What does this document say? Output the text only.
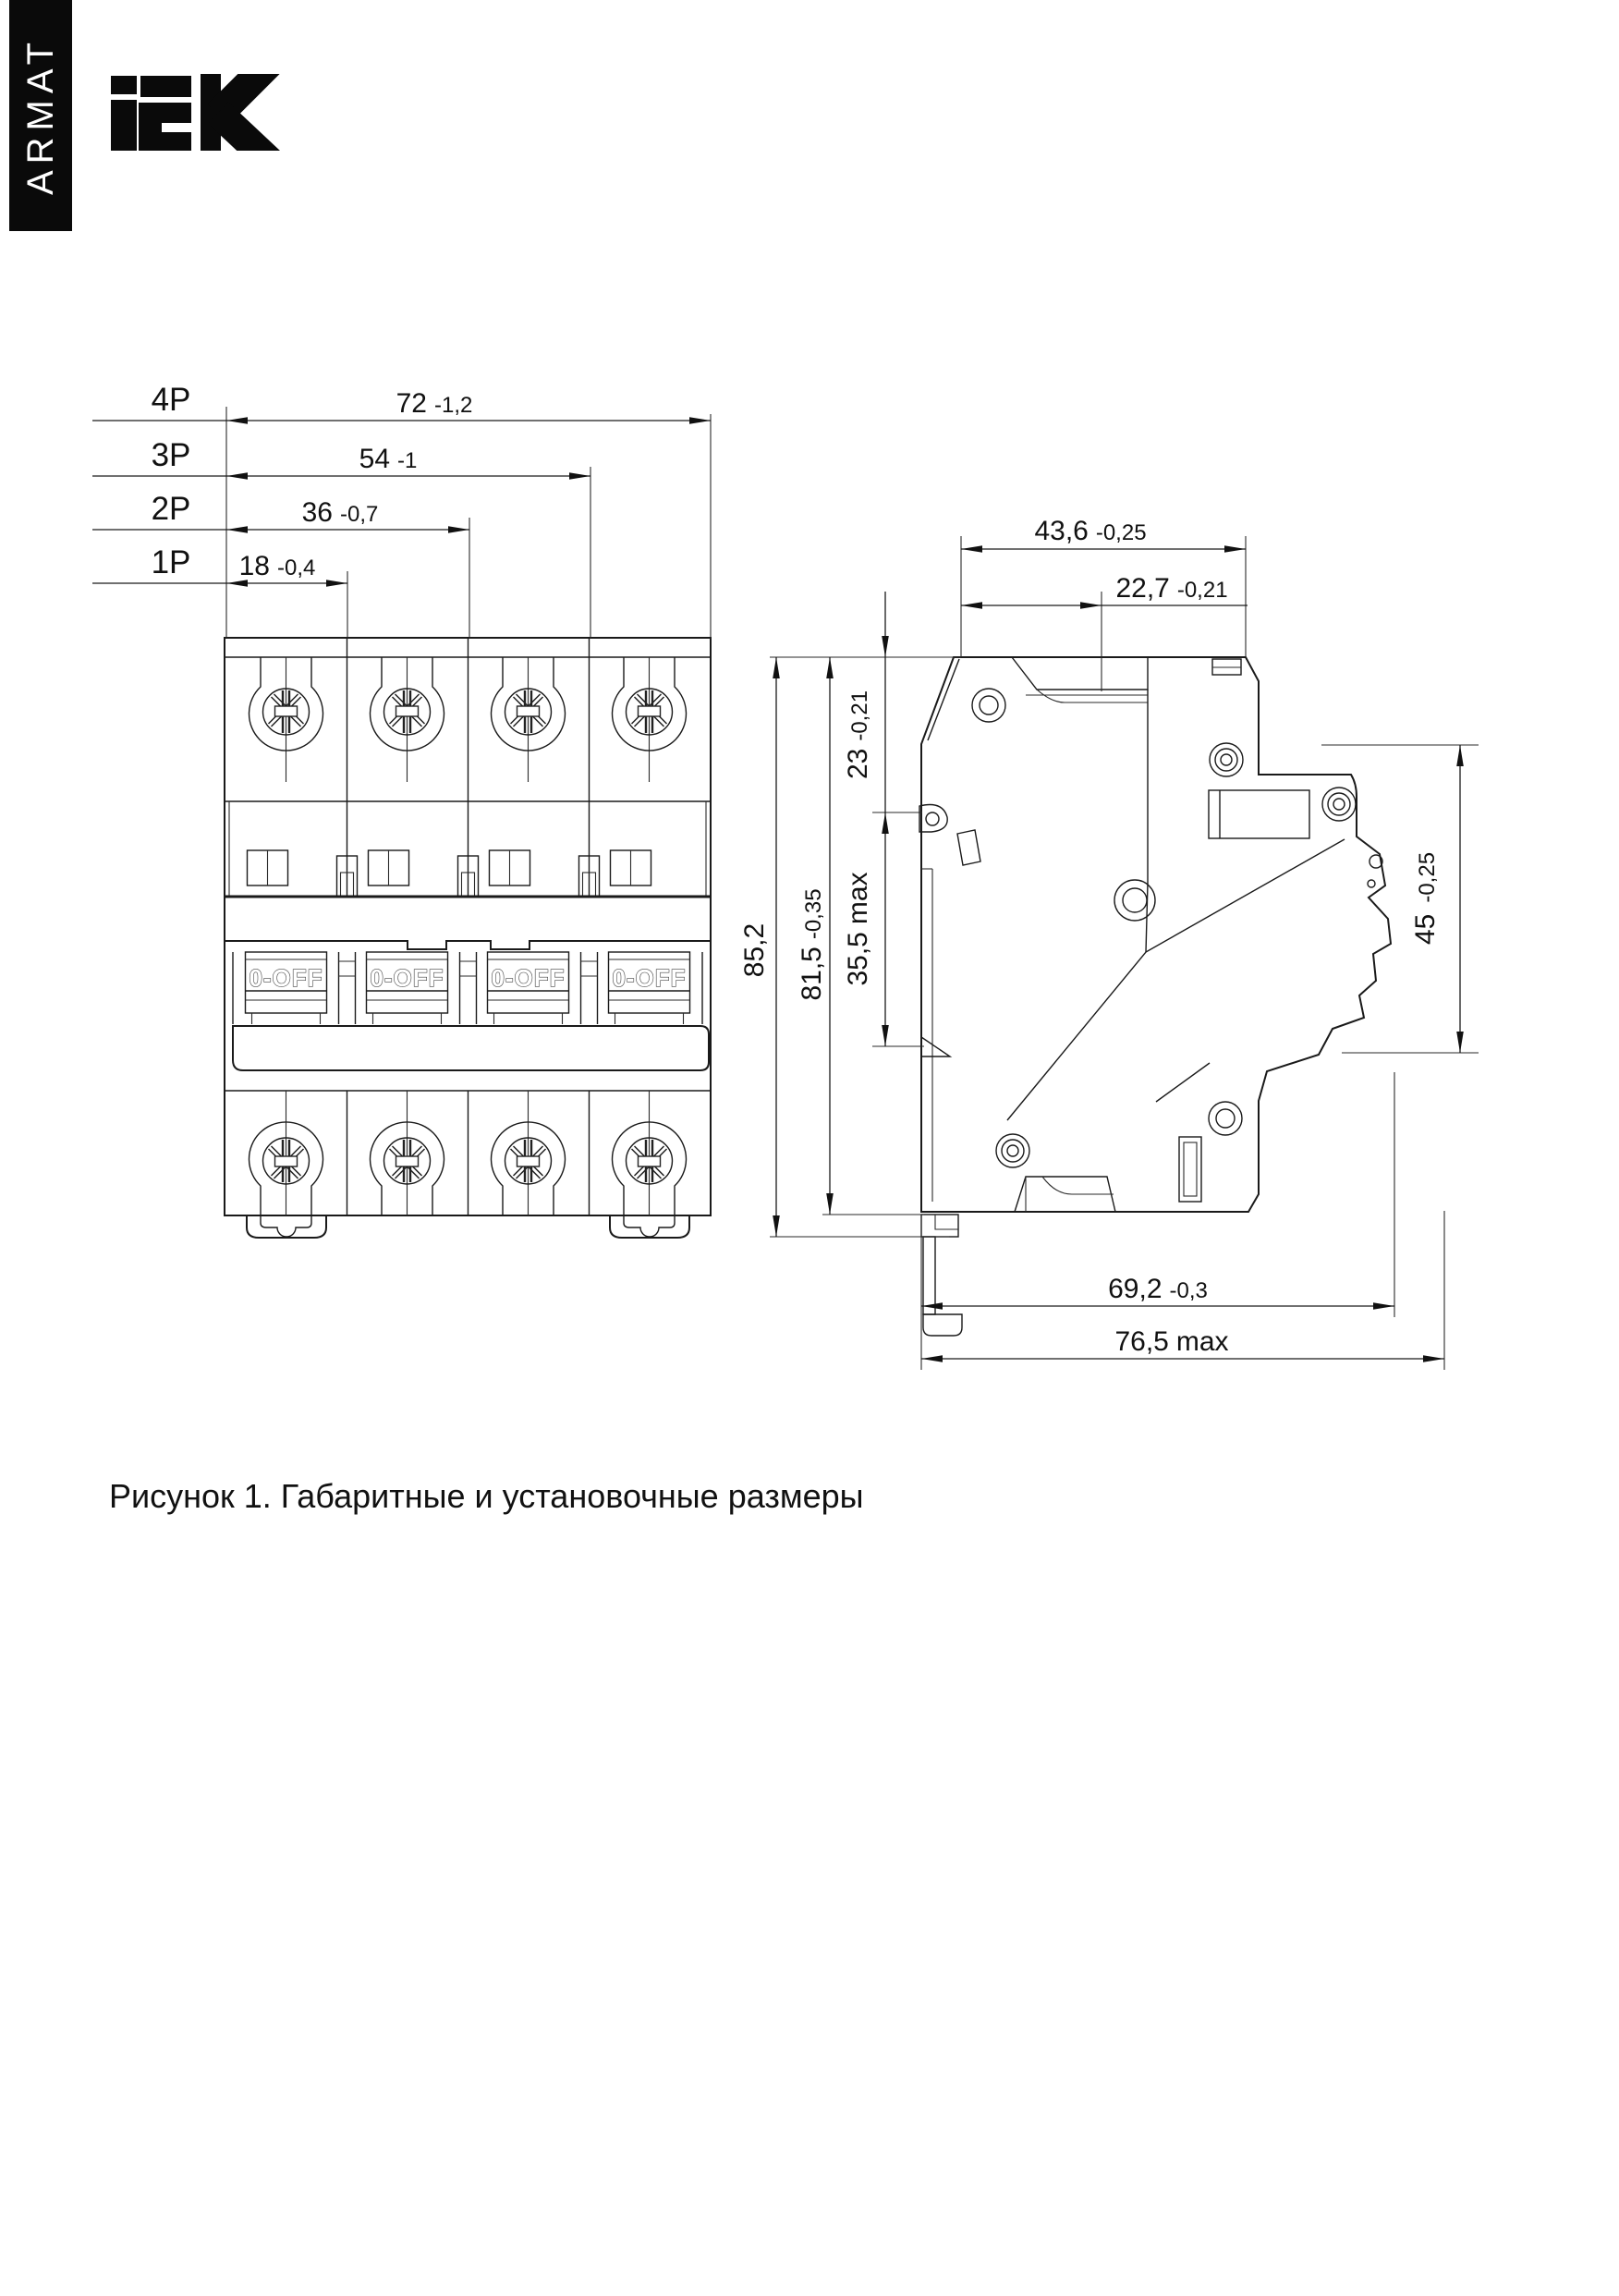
ARMAT
0-OFF 0-OFF 0-OFF 0-OFF
4P
3P
2P
1P
72 -1,2
54 -1
36 -0,7
18 -0,4
43,6 -0,25
22,7 -0,21
23-0,21
35,5max
85,2 81,5-0,35	45-0,25
69,2 -0,3
76,5 max
Рисунок 1. Габаритные и установочные размеры
